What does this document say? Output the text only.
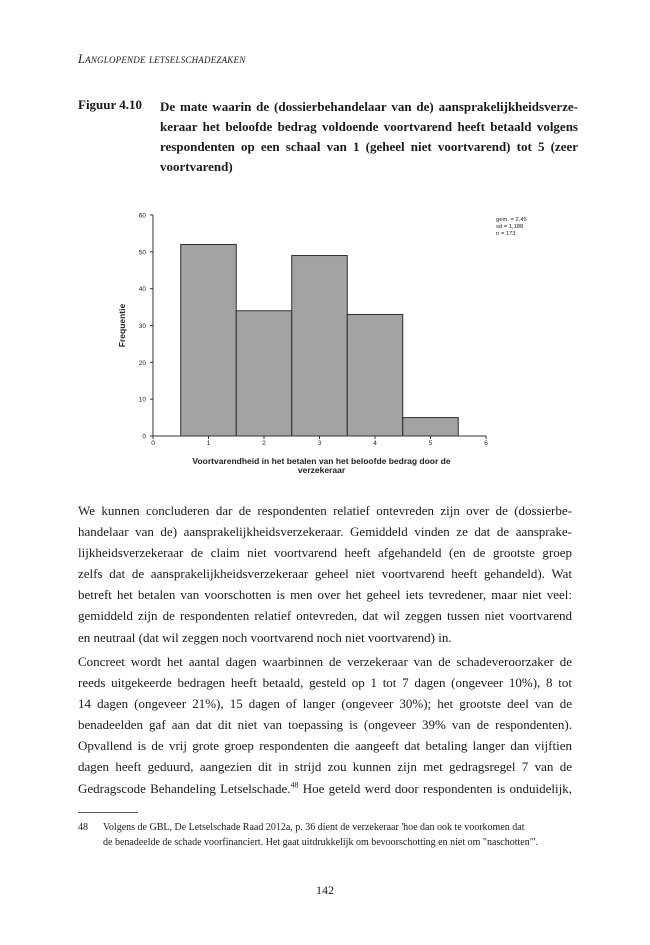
Langlopende letselschadezaken
Figuur 4.10	De mate waarin de (dossierbehandelaar van de) aansprakelijkheidsverze-
keraar het beloofde bedrag voldoende voortvarend heeft betaald volgens
respondenten op een schaal van 1 (geheel niet voortvarend) tot 5 (zeer
voortvarend)
0
10
20
30
40
50
60
0	1	2	3	4	5	6
Frequentie
Voortvarendheid in het betalen van het beloofde bedrag door de
verzekeraar
gem. = 2,45
sd = 1,188
n = 173
We kunnen concluderen dar de respondenten relatief ontevreden zijn over de (dossierbe-
handelaar van de) aansprakelijkheidsverzekeraar. Gemiddeld vinden ze dat de aansprake-
lijkheidsverzekeraar de claim niet voortvarend heeft afgehandeld (en de grootste groep
zelfs dat de aansprakelijkheidsverzekeraar geheel niet voortvarend heeft gehandeld). Wat
betreft het betalen van voorschotten is men over het geheel iets tevredener, maar niet veel:
gemiddeld zijn de respondenten relatief ontevreden, dat wil zeggen tussen niet voortvarend
en neutraal (dat wil zeggen noch voortvarend noch niet voortvarend) in.
Concreet wordt het aantal dagen waarbinnen de verzekeraar van de schadeveroorzaker de
reeds uitgekeerde bedragen heeft betaald, gesteld op 1 tot 7 dagen (ongeveer 10%), 8 tot
14 dagen (ongeveer 21%), 15 dagen of langer (ongeveer 30%); het grootste deel van de
benadeelden gaf aan dat dit niet van toepassing is (ongeveer 39% van de respondenten).
Opvallend is de vrij grote groep respondenten die aangeeft dat betaling langer dan vijftien
dagen heeft geduurd, aangezien dit in strijd zou kunnen zijn met gedragsregel 7 van de
Gedragscode Behandeling Letselschade.$^{48}$ Hoe geteld werd door respondenten is onduidelijk,
48 Volgens de GBL, De Letselschade Raad 2012a, p. 36 dient de verzekeraar 'hoe dan ook te voorkomen dat
de benadeelde de schade voorfinanciert. Het gaat uitdrukkelijk om bevoorschotting en niet om "naschotten"'.
142
